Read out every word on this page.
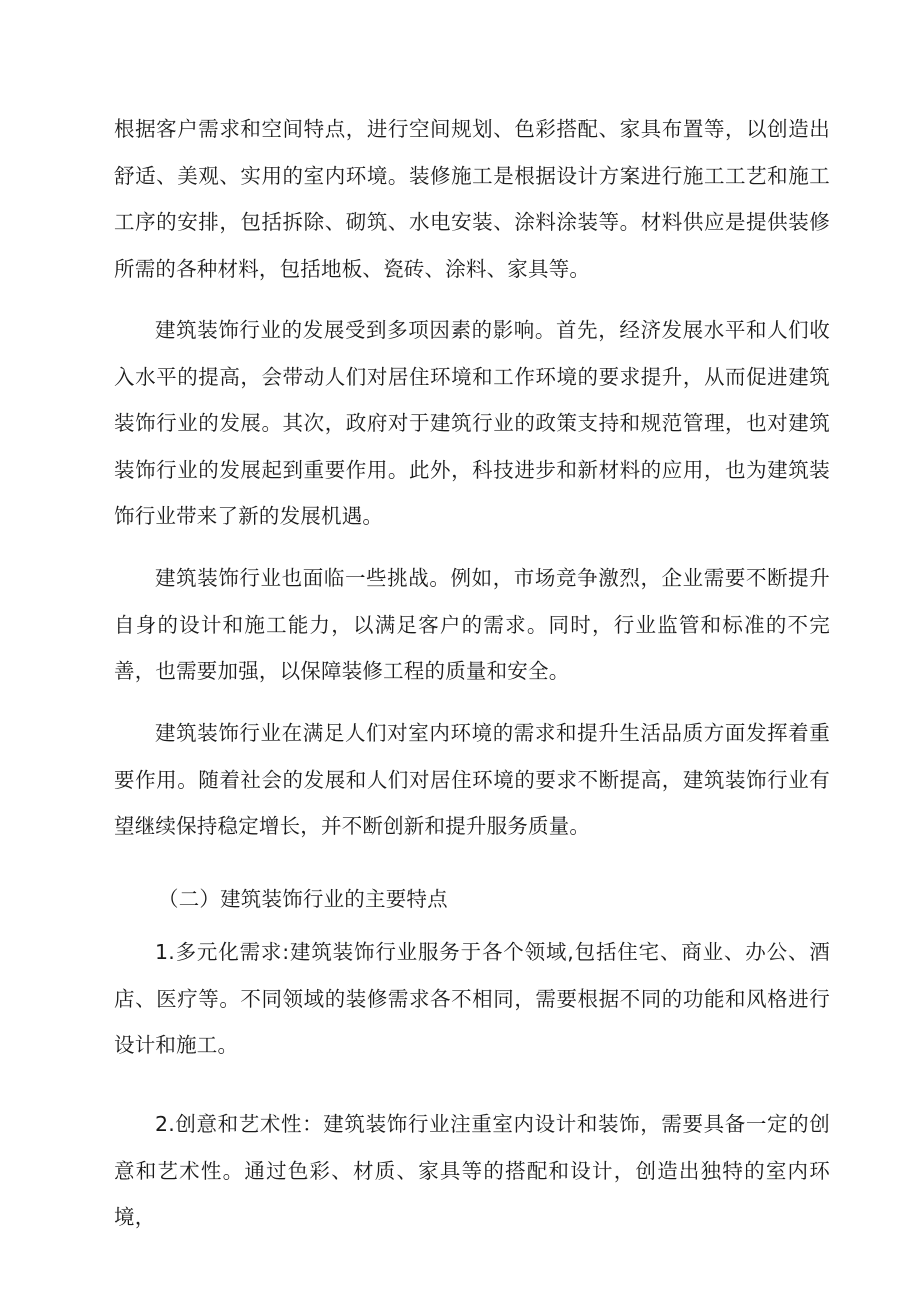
根据客户需求和空间特点，进行空间规划、色彩搭配、家具布置等，以创造出舒适、美观、实用的室内环境。装修施工是根据设计方案进行施工工艺和施工工序的安排，包括拆除、砌筑、水电安装、涂料涂装等。材料供应是提供装修所需的各种材料，包括地板、瓷砖、涂料、家具等。

建筑装饰行业的发展受到多项因素的影响。首先，经济发展水平和人们收入水平的提高，会带动人们对居住环境和工作环境的要求提升，从而促进建筑装饰行业的发展。其次，政府对于建筑行业的政策支持和规范管理，也对建筑装饰行业的发展起到重要作用。此外，科技进步和新材料的应用，也为建筑装饰行业带来了新的发展机遇。

建筑装饰行业也面临一些挑战。例如，市场竞争激烈，企业需要不断提升自身的设计和施工能力，以满足客户的需求。同时，行业监管和标准的不完善，也需要加强，以保障装修工程的质量和安全。

建筑装饰行业在满足人们对室内环境的需求和提升生活品质方面发挥着重要作用。随着社会的发展和人们对居住环境的要求不断提高，建筑装饰行业有望继续保持稳定增长，并不断创新和提升服务质量。

（二）建筑装饰行业的主要特点

1.多元化需求:建筑装饰行业服务于各个领域,包括住宅、商业、办公、酒店、医疗等。不同领域的装修需求各不相同，需要根据不同的功能和风格进行设计和施工。

2.创意和艺术性：建筑装饰行业注重室内设计和装饰，需要具备一定的创意和艺术性。通过色彩、材质、家具等的搭配和设计，创造出独特的室内环境，
